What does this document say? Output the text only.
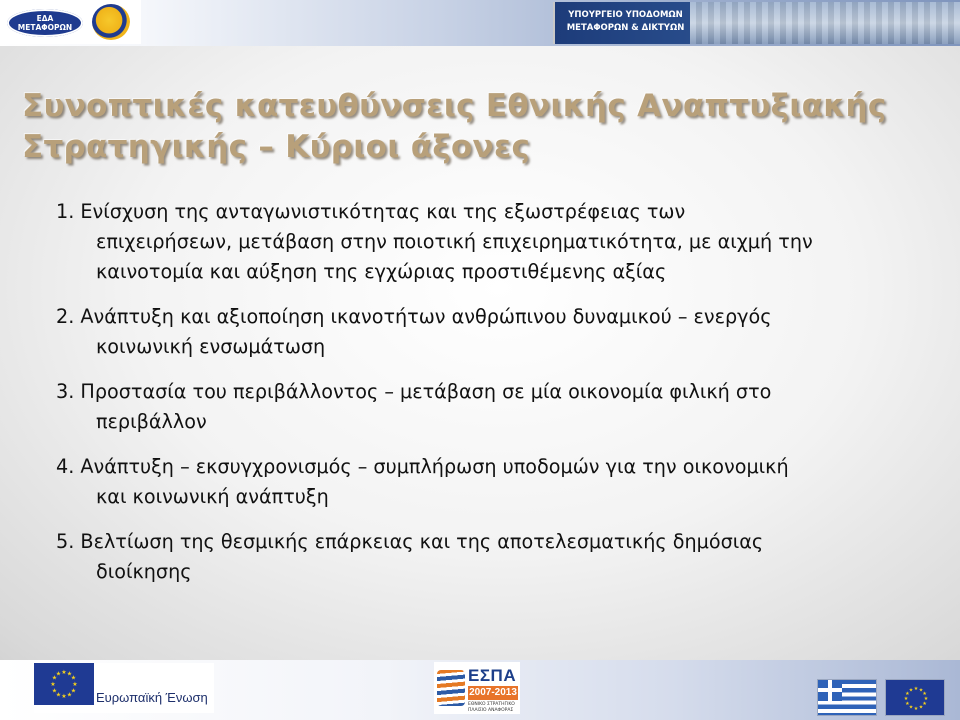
ΕΔΑ ΜΕΤΑΦΟΡΩΝ
ΥΠΟΥΡΓΕΙΟ ΥΠΟΔΟΜΩΝ
ΜΕΤΑΦΟΡΩΝ & ΔΙΚΤΥΩΝ
Συνοπτικές κατευθύνσεις Εθνικής Αναπτυξιακής
Στρατηγικής – Κύριοι άξονες
1. Ενίσχυση της ανταγωνιστικότητας και της εξωστρέφειας των
επιχειρήσεων, μετάβαση στην ποιοτική επιχειρηματικότητα, με αιχμή την
καινοτομία και αύξηση της εγχώριας προστιθέμενης αξίας
2. Ανάπτυξη και αξιοποίηση ικανοτήτων ανθρώπινου δυναμικού – ενεργός
κοινωνική ενσωμάτωση
3. Προστασία του περιβάλλοντος – μετάβαση σε μία οικονομία φιλική στο
περιβάλλον
4. Ανάπτυξη – εκσυγχρονισμός – συμπλήρωση υποδομών για την οικονομική
και κοινωνική ανάπτυξη
5. Βελτίωση της θεσμικής επάρκειας και της αποτελεσματικής δημόσιας
διοίκησης
★ ★
★
★
★
★
★
★
★
★
★
★
Ευρωπαϊκή Ένωση
ΕΣΠΑ
2007-2013
ΕΘΝΙΚΟ ΣΤΡΑΤΗΓΙΚΟ ΠΛΑΙΣΙΟ ΑΝΑΦΟΡΑΣ
★ ★
★
★
★
★
★
★
★
★
★
★
